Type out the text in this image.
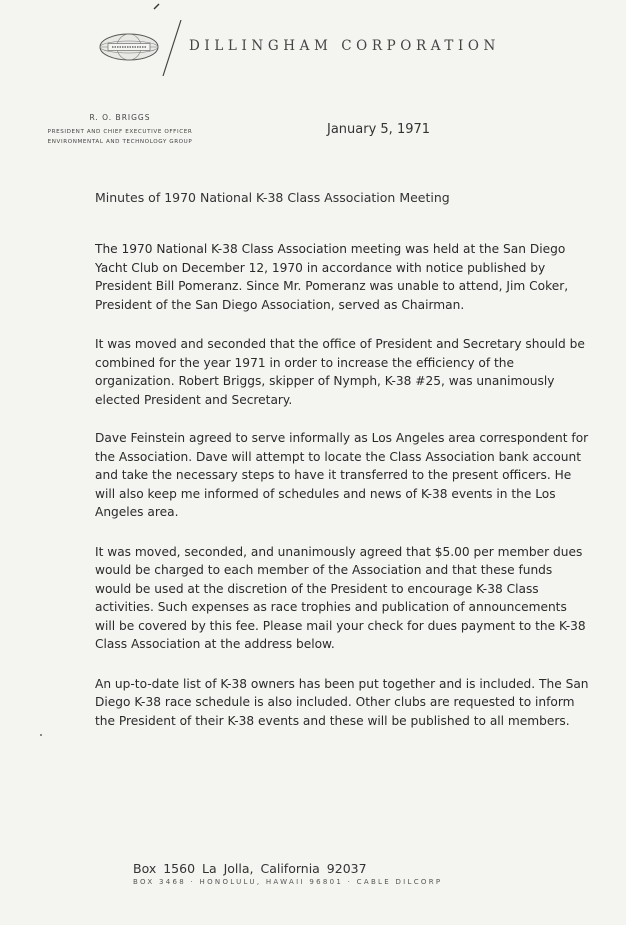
DILLINGHAM CORPORATION
R. O. BRIGGS
PRESIDENT AND CHIEF EXECUTIVE OFFICER
ENVIRONMENTAL AND TECHNOLOGY GROUP
January 5, 1971
Minutes of 1970 National K-38 Class Association Meeting

The 1970 National K-38 Class Association meeting was held at the San Diego Yacht Club on December 12, 1970 in accordance with notice published by President Bill Pomeranz. Since Mr. Pomeranz was unable to attend, Jim Coker, President of the San Diego Association, served as Chairman.

It was moved and seconded that the office of President and Secretary should be combined for the year 1971 in order to increase the efficiency of the organization. Robert Briggs, skipper of Nymph, K-38 #25, was unanimously elected President and Secretary.

Dave Feinstein agreed to serve informally as Los Angeles area correspondent for the Association. Dave will attempt to locate the Class Association bank account and take the necessary steps to have it transferred to the present officers. He will also keep me informed of schedules and news of K-38 events in the Los Angeles area.

It was moved, seconded, and unanimously agreed that $5.00 per member dues would be charged to each member of the Association and that these funds would be used at the discretion of the President to encourage K-38 Class activities. Such expenses as race trophies and publication of announcements will be covered by this fee. Please mail your check for dues payment to the K-38 Class Association at the address below.

An up-to-date list of K-38 owners has been put together and is included. The San Diego K-38 race schedule is also included. Other clubs are requested to inform the President of their K-38 events and these will be published to all members.

Box 1560 La Jolla, California 92037
BOX 3468 · HONOLULU, HAWAII 96801 · CABLE DILCORP
